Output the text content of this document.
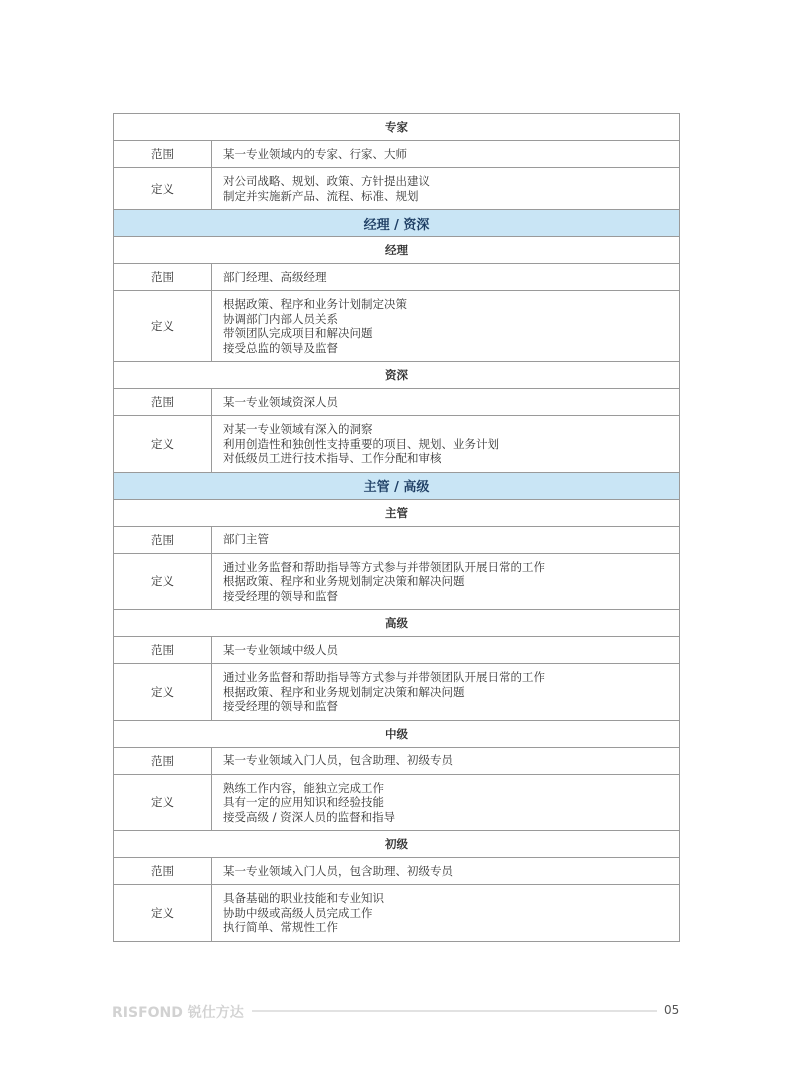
专家	
范围	某一专业领域内的专家、行家、大师

定义	对公司战略、规划、政策、方针提出建议
制定并实施新产品、流程、标准、规划

经理 / 资深	
经理	
范围	部门经理、高级经理

定义	根据政策、程序和业务计划制定决策
协调部门内部人员关系
带领团队完成项目和解决问题
接受总监的领导及监督

资深	
范围	某一专业领域资深人员

定义	对某一专业领域有深入的洞察
利用创造性和独创性支持重要的项目、规划、业务计划
对低级员工进行技术指导、工作分配和审核

主管 / 高级	
主管	
范围	部门主管

定义	通过业务监督和帮助指导等方式参与并带领团队开展日常的工作
根据政策、程序和业务规划制定决策和解决问题
接受经理的领导和监督

高级	
范围	某一专业领域中级人员

定义	通过业务监督和帮助指导等方式参与并带领团队开展日常的工作
根据政策、程序和业务规划制定决策和解决问题
接受经理的领导和监督

中级	
范围	某一专业领域入门人员，包含助理、初级专员

定义	熟练工作内容，能独立完成工作
具有一定的应用知识和经验技能
接受高级 / 资深人员的监督和指导

初级	
范围	某一专业领域入门人员，包含助理、初级专员

定义	具备基础的职业技能和专业知识
协助中级或高级人员完成工作
执行简单、常规性工作
RISFOND 锐仕方达	05
